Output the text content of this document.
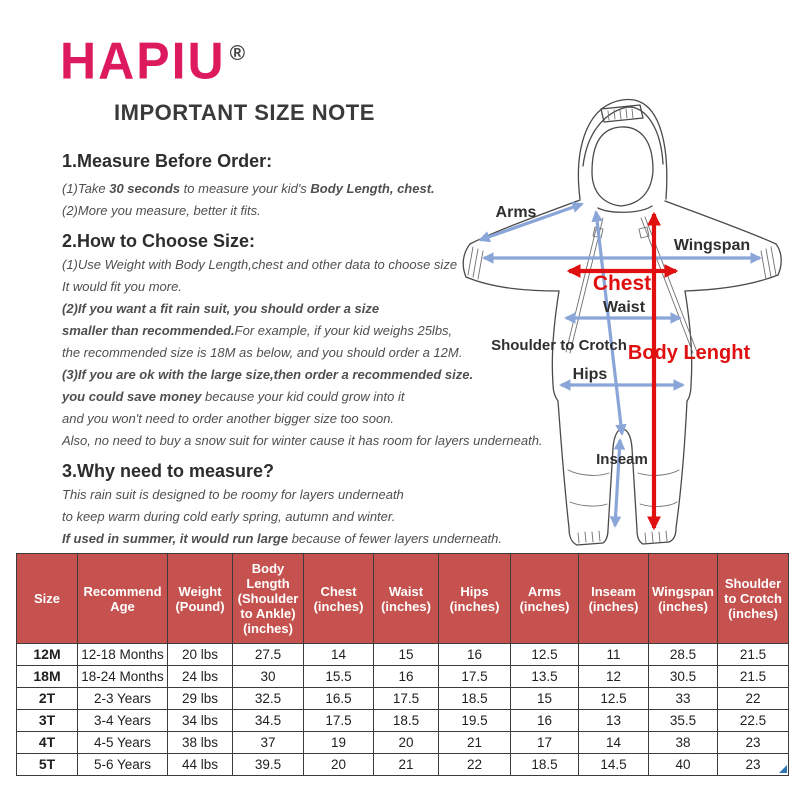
HAPIU ®
IMPORTANT SIZE NOTE
1.Measure Before Order:

(1)Take 30 seconds to measure your kid's Body Length, chest.

(2)More you measure, better it fits.

2.How to Choose Size:

(1)Use Weight with Body Length,chest and other data to choose size

It would fit you more.

(2)If you want a fit rain suit, you should order a size

smaller than recommended.For example, if your kid weighs 25lbs,

the recommended size is 18M as below, and you should order a 12M.

(3)If you are ok with the large size,then order a recommended size.

you could save money because your kid could grow into it

and you won't need to order another bigger size too soon.

Also, no need to buy a snow suit for winter cause it has room for layers underneath.

3.Why need to measure?

This rain suit is designed to be roomy for layers underneath

to keep warm during cold early spring, autumn and winter.

If used in summer, it would run large because of fewer layers underneath.

Arms
Wingspan
Chest
Waist
Shoulder to Crotch Body Lenght
Hips
Inseam
Size	Recommend Age	Weight (Pound)	Body Length (Shoulder to Ankle) (inches)	Chest (inches)	Waist (inches)	Hips (inches)	Arms (inches)	Inseam (inches)	Wingspan (inches)	Shoulder to Crotch (inches)
12M	12-18 Months	20 lbs	27.5	14	15	16	12.5	11	28.5	21.5
18M	18-24 Months	24 lbs	30	15.5	16	17.5	13.5	12	30.5	21.5
2T	2-3 Years	29 lbs	32.5	16.5	17.5	18.5	15	12.5	33	22
3T	3-4 Years	34 lbs	34.5	17.5	18.5	19.5	16	13	35.5	22.5
4T	4-5 Years	38 lbs	37	19	20	21	17	14	38	23
5T	5-6 Years	44 lbs	39.5	20	21	22	18.5	14.5	40	23
